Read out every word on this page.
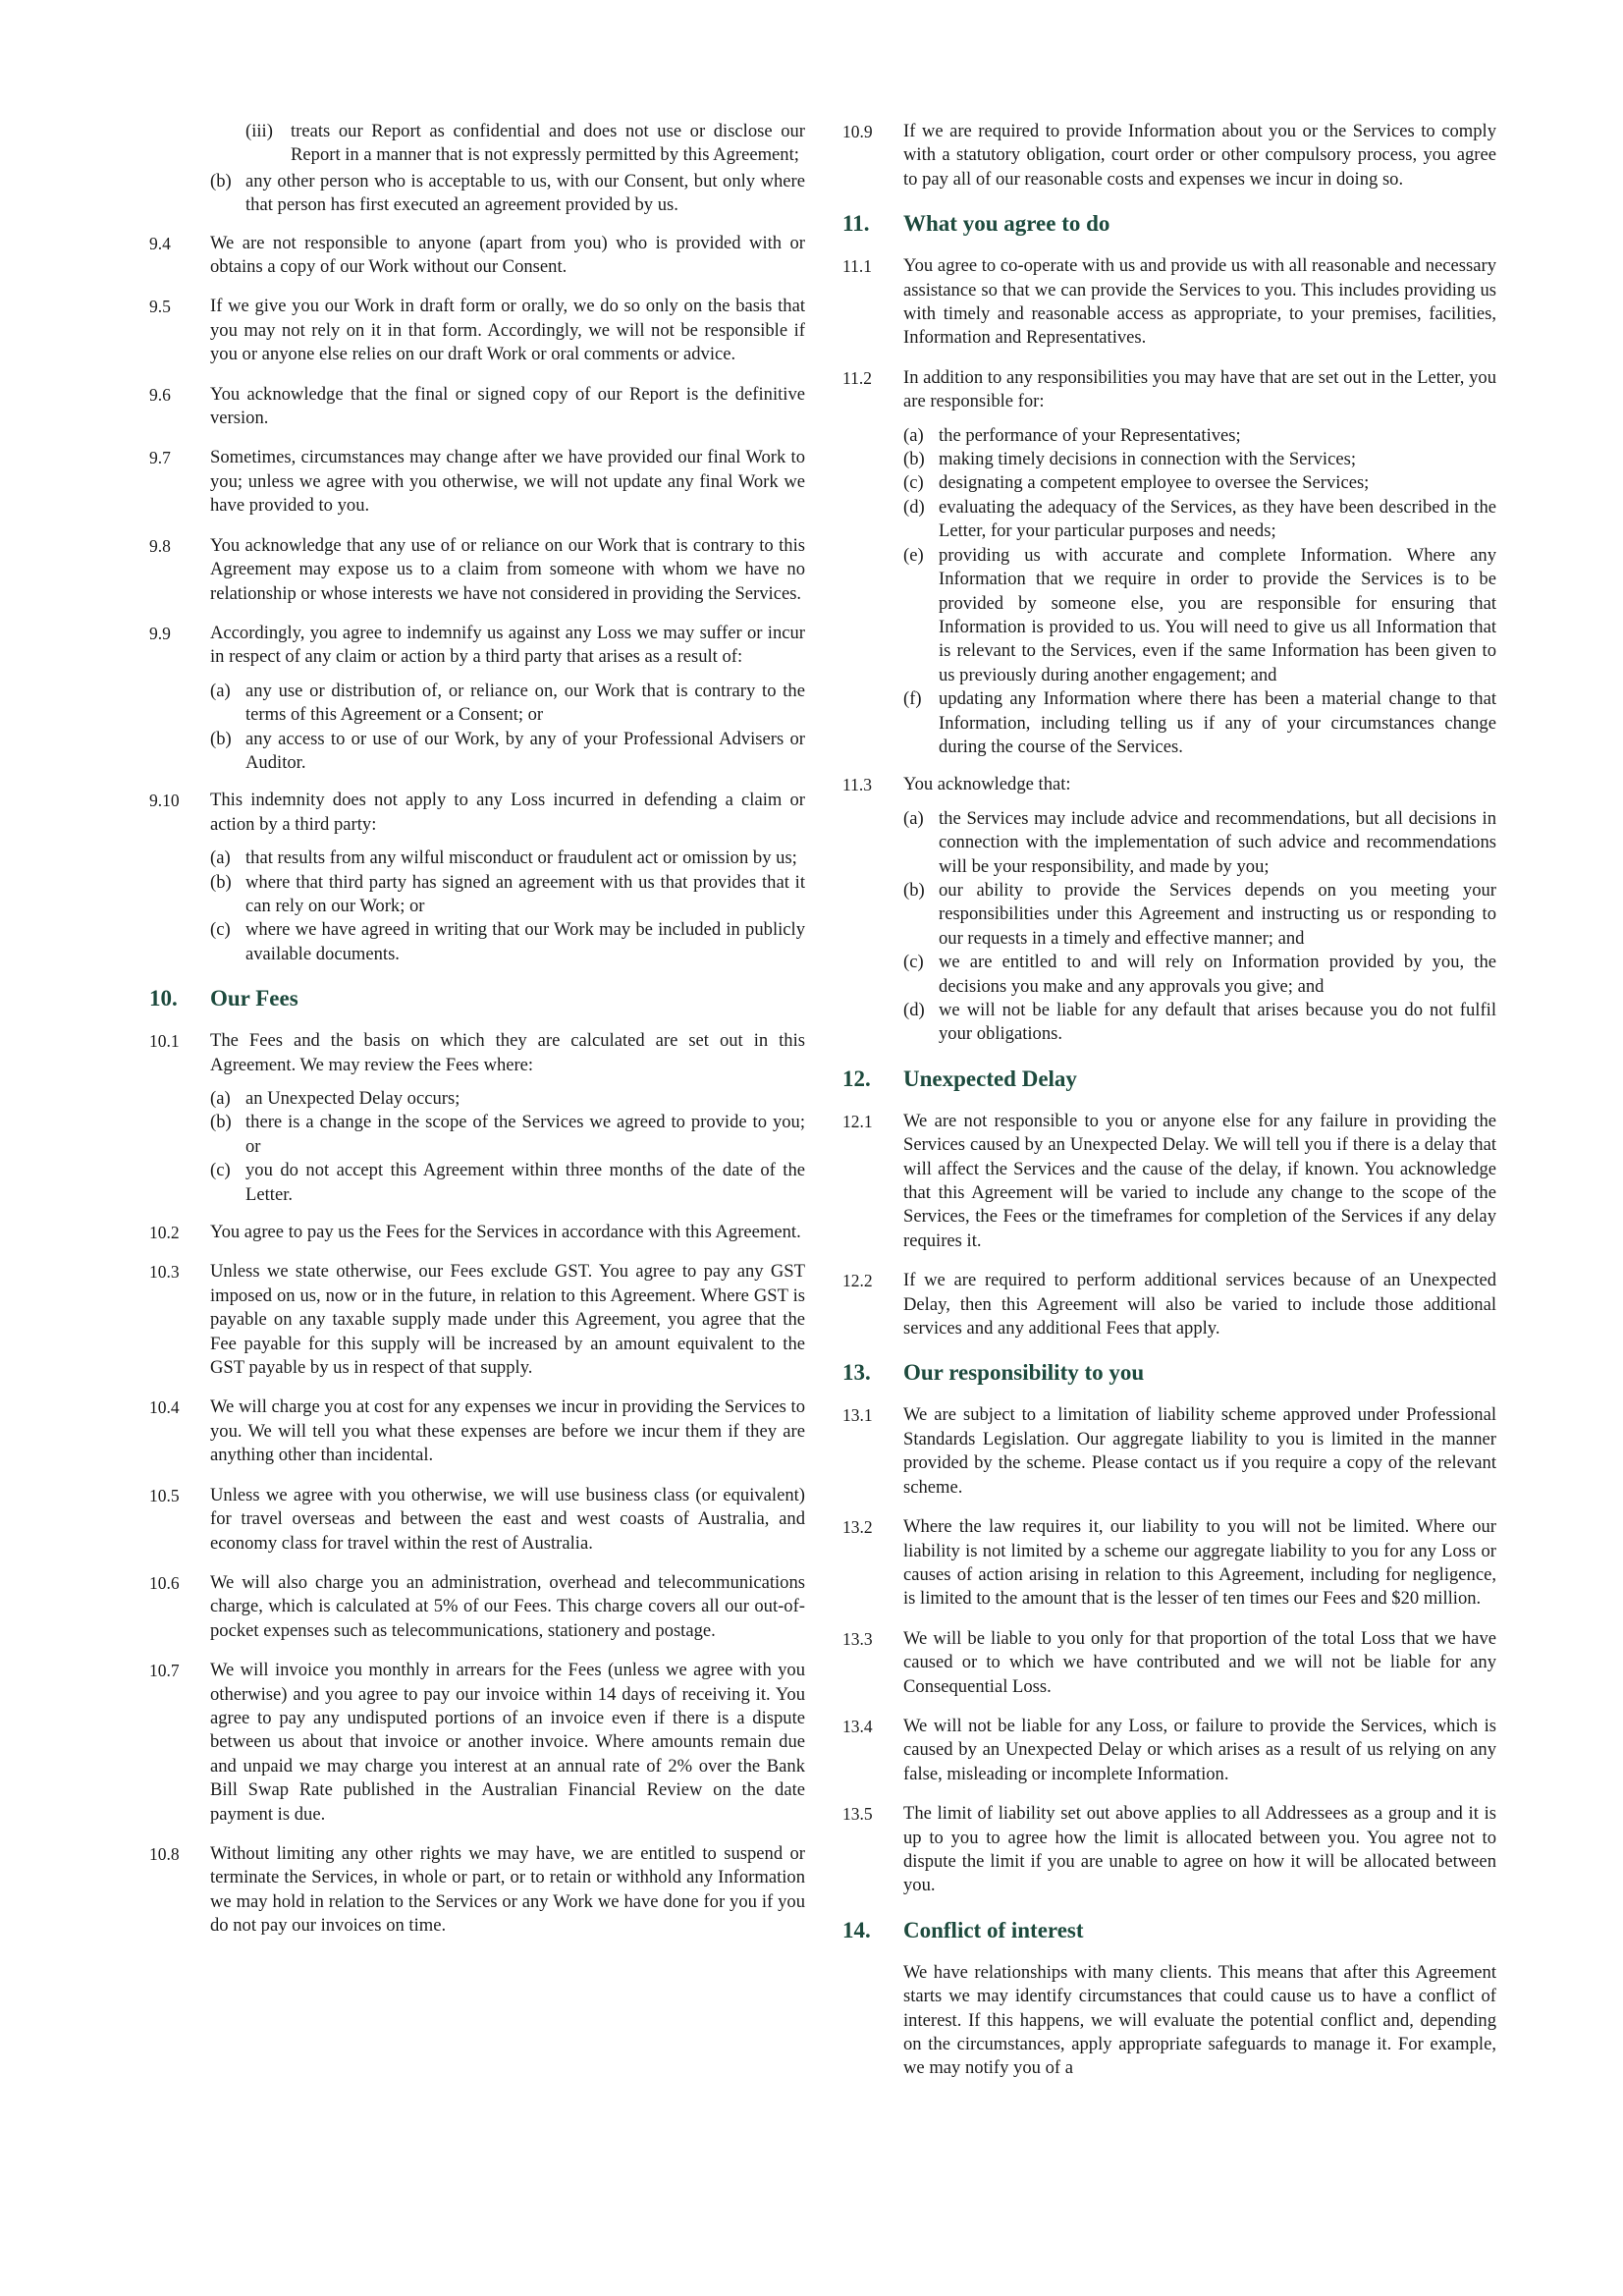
(iii) treats our Report as confidential and does not use or disclose our Report in a manner that is not expressly permitted by this Agreement;
(b) any other person who is acceptable to us, with our Consent, but only where that person has first executed an agreement provided by us.
9.4	We are not responsible to anyone (apart from you) who is provided with or obtains a copy of our Work without our Consent.
9.5	If we give you our Work in draft form or orally, we do so only on the basis that you may not rely on it in that form. Accordingly, we will not be responsible if you or anyone else relies on our draft Work or oral comments or advice.
9.6	You acknowledge that the final or signed copy of our Report is the definitive version.
9.7	Sometimes, circumstances may change after we have provided our final Work to you; unless we agree with you otherwise, we will not update any final Work we have provided to you.
9.8	You acknowledge that any use of or reliance on our Work that is contrary to this Agreement may expose us to a claim from someone with whom we have no relationship or whose interests we have not considered in providing the Services.
9.9	Accordingly, you agree to indemnify us against any Loss we may suffer or incur in respect of any claim or action by a third party that arises as a result of:
(a) any use or distribution of, or reliance on, our Work that is contrary to the terms of this Agreement or a Consent; or
(b) any access to or use of our Work, by any of your Professional Advisers or Auditor.
9.10	This indemnity does not apply to any Loss incurred in defending a claim or action by a third party:
(a) that results from any wilful misconduct or fraudulent act or omission by us;
(b) where that third party has signed an agreement with us that provides that it can rely on our Work; or
(c) where we have agreed in writing that our Work may be included in publicly available documents.
10.	Our Fees
10.1	The Fees and the basis on which they are calculated are set out in this Agreement. We may review the Fees where:
(a) an Unexpected Delay occurs;
(b) there is a change in the scope of the Services we agreed to provide to you; or
(c) you do not accept this Agreement within three months of the date of the Letter.
10.2	You agree to pay us the Fees for the Services in accordance with this Agreement.
10.3	Unless we state otherwise, our Fees exclude GST. You agree to pay any GST imposed on us, now or in the future, in relation to this Agreement. Where GST is payable on any taxable supply made under this Agreement, you agree that the Fee payable for this supply will be increased by an amount equivalent to the GST payable by us in respect of that supply.
10.4	We will charge you at cost for any expenses we incur in providing the Services to you. We will tell you what these expenses are before we incur them if they are anything other than incidental.
10.5	Unless we agree with you otherwise, we will use business class (or equivalent) for travel overseas and between the east and west coasts of Australia, and economy class for travel within the rest of Australia.
10.6	We will also charge you an administration, overhead and telecommunications charge, which is calculated at 5% of our Fees. This charge covers all our out-of-pocket expenses such as telecommunications, stationery and postage.
10.7	We will invoice you monthly in arrears for the Fees (unless we agree with you otherwise) and you agree to pay our invoice within 14 days of receiving it. You agree to pay any undisputed portions of an invoice even if there is a dispute between us about that invoice or another invoice. Where amounts remain due and unpaid we may charge you interest at an annual rate of 2% over the Bank Bill Swap Rate published in the Australian Financial Review on the date payment is due.
10.8	Without limiting any other rights we may have, we are entitled to suspend or terminate the Services, in whole or part, or to retain or withhold any Information we may hold in relation to the Services or any Work we have done for you if you do not pay our invoices on time.
10.9	If we are required to provide Information about you or the Services to comply with a statutory obligation, court order or other compulsory process, you agree to pay all of our reasonable costs and expenses we incur in doing so.
11.	What you agree to do
11.1	You agree to co-operate with us and provide us with all reasonable and necessary assistance so that we can provide the Services to you. This includes providing us with timely and reasonable access as appropriate, to your premises, facilities, Information and Representatives.
11.2	In addition to any responsibilities you may have that are set out in the Letter, you are responsible for:
(a) the performance of your Representatives;
(b) making timely decisions in connection with the Services;
(c) designating a competent employee to oversee the Services;
(d) evaluating the adequacy of the Services, as they have been described in the Letter, for your particular purposes and needs;
(e) providing us with accurate and complete Information. Where any Information that we require in order to provide the Services is to be provided by someone else, you are responsible for ensuring that Information is provided to us. You will need to give us all Information that is relevant to the Services, even if the same Information has been given to us previously during another engagement; and
(f) updating any Information where there has been a material change to that Information, including telling us if any of your circumstances change during the course of the Services.
11.3	You acknowledge that:
(a) the Services may include advice and recommendations, but all decisions in connection with the implementation of such advice and recommendations will be your responsibility, and made by you;
(b) our ability to provide the Services depends on you meeting your responsibilities under this Agreement and instructing us or responding to our requests in a timely and effective manner; and
(c) we are entitled to and will rely on Information provided by you, the decisions you make and any approvals you give; and
(d) we will not be liable for any default that arises because you do not fulfil your obligations.
12.	Unexpected Delay
12.1	We are not responsible to you or anyone else for any failure in providing the Services caused by an Unexpected Delay. We will tell you if there is a delay that will affect the Services and the cause of the delay, if known. You acknowledge that this Agreement will be varied to include any change to the scope of the Services, the Fees or the timeframes for completion of the Services if any delay requires it.
12.2	If we are required to perform additional services because of an Unexpected Delay, then this Agreement will also be varied to include those additional services and any additional Fees that apply.
13.	Our responsibility to you
13.1	We are subject to a limitation of liability scheme approved under Professional Standards Legislation. Our aggregate liability to you is limited in the manner provided by the scheme. Please contact us if you require a copy of the relevant scheme.
13.2	Where the law requires it, our liability to you will not be limited. Where our liability is not limited by a scheme our aggregate liability to you for any Loss or causes of action arising in relation to this Agreement, including for negligence, is limited to the amount that is the lesser of ten times our Fees and $20 million.
13.3	We will be liable to you only for that proportion of the total Loss that we have caused or to which we have contributed and we will not be liable for any Consequential Loss.
13.4	We will not be liable for any Loss, or failure to provide the Services, which is caused by an Unexpected Delay or which arises as a result of us relying on any false, misleading or incomplete Information.
13.5	The limit of liability set out above applies to all Addressees as a group and it is up to you to agree how the limit is allocated between you. You agree not to dispute the limit if you are unable to agree on how it will be allocated between you.
14.	Conflict of interest
We have relationships with many clients. This means that after this Agreement starts we may identify circumstances that could cause us to have a conflict of interest. If this happens, we will evaluate the potential conflict and, depending on the circumstances, apply appropriate safeguards to manage it. For example, we may notify you of a
